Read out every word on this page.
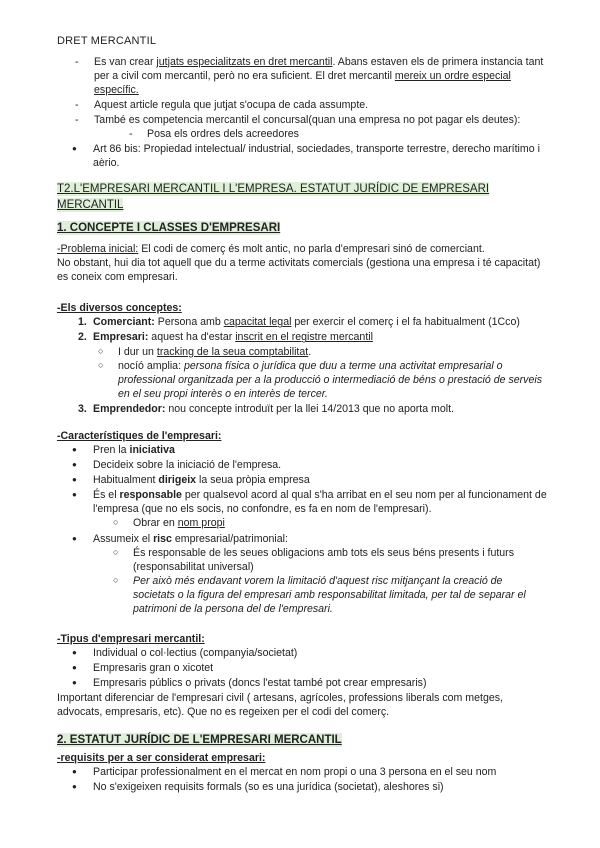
DRET MERCANTIL
- Es van crear jutjats especialitzats en dret mercantil. Abans estaven els de primera instancia tant per a civil com mercantil, però no era suficient. El dret mercantil mereix un ordre especial específic.
- Aquest article regula que jutjat s'ocupa de cada assumpte.
- També es competencia mercantil el concursal(quan una empresa no pot pagar els deutes):
- Posa els ordres dels acreedores
● Art 86 bis: Propiedad intelectual/ industrial, sociedades, transporte terrestre, derecho marítimo i aèrio.
T2.L'EMPRESARI MERCANTIL I L'EMPRESA. ESTATUT JURÍDIC DE EMPRESARI MERCANTIL
1. CONCEPTE I CLASSES D'EMPRESARI

-Problema inicial: El codi de comerç és molt antic, no parla d'empresari sinó de comerciant.

No obstant, hui dia tot aquell que du a terme activitats comercials (gestiona una empresa i té capacitat) es coneix com empresari.

-Els diversos conceptes:
1. Comerciant: Persona amb capacitat legal per exercir el comerç i el fa habitualment (1Cco)
2. Empresari: aquest ha d'estar inscrit en el registre mercantil
○ I dur un tracking de la seua comptabilitat.
○ nocíó amplia: persona física o jurídica que duu a terme una activitat empresarial o professional organitzada per a la producció o intermediació de béns o prestació de serveis en el seu propi interès o en interès de tercer.
3. Emprendedor: nou concepte introduït per la llei 14/2013 que no aporta molt.
-Característiques de l'empresari:
● Pren la iniciativa
● Decideix sobre la iniciació de l'empresa.
● Habitualment dirigeix la seua pròpia empresa
● És el responsable per qualsevol acord al qual s'ha arribat en el seu nom per al funcionament de l'empresa (que no els socis, no confondre, es fa en nom de l'empresari).
○ Obrar en nom propi
● Assumeix el risc empresarial/patrimonial:
○ És responsable de les seues obligacions amb tots els seus béns presents i futurs (responsabilitat universal)
○ Per això més endavant vorem la limitació d'aquest risc mitjançant la creació de societats o la figura del empresari amb responsabilitat limitada, per tal de separar el patrimoni de la persona del de l'empresari.
-Tipus d'empresari mercantil:
● Individual o col·lectius (companyia/societat)
● Empresaris gran o xicotet
● Empresaris públics o privats (doncs l'estat també pot crear empresaris)

Important diferenciar de l'empresari civil ( artesans, agrícoles, professions liberals com metges, advocats, empresaris, etc). Que no es regeixen per el codi del comerç.

2. ESTATUT JURÍDIC DE L'EMPRESARI MERCANTIL
-requisits per a ser considerat empresari:
● Participar professionalment en el mercat en nom propi o una 3 persona en el seu nom
● No s'exigeixen requisits formals (so es una jurídica (societat), aleshores si)
